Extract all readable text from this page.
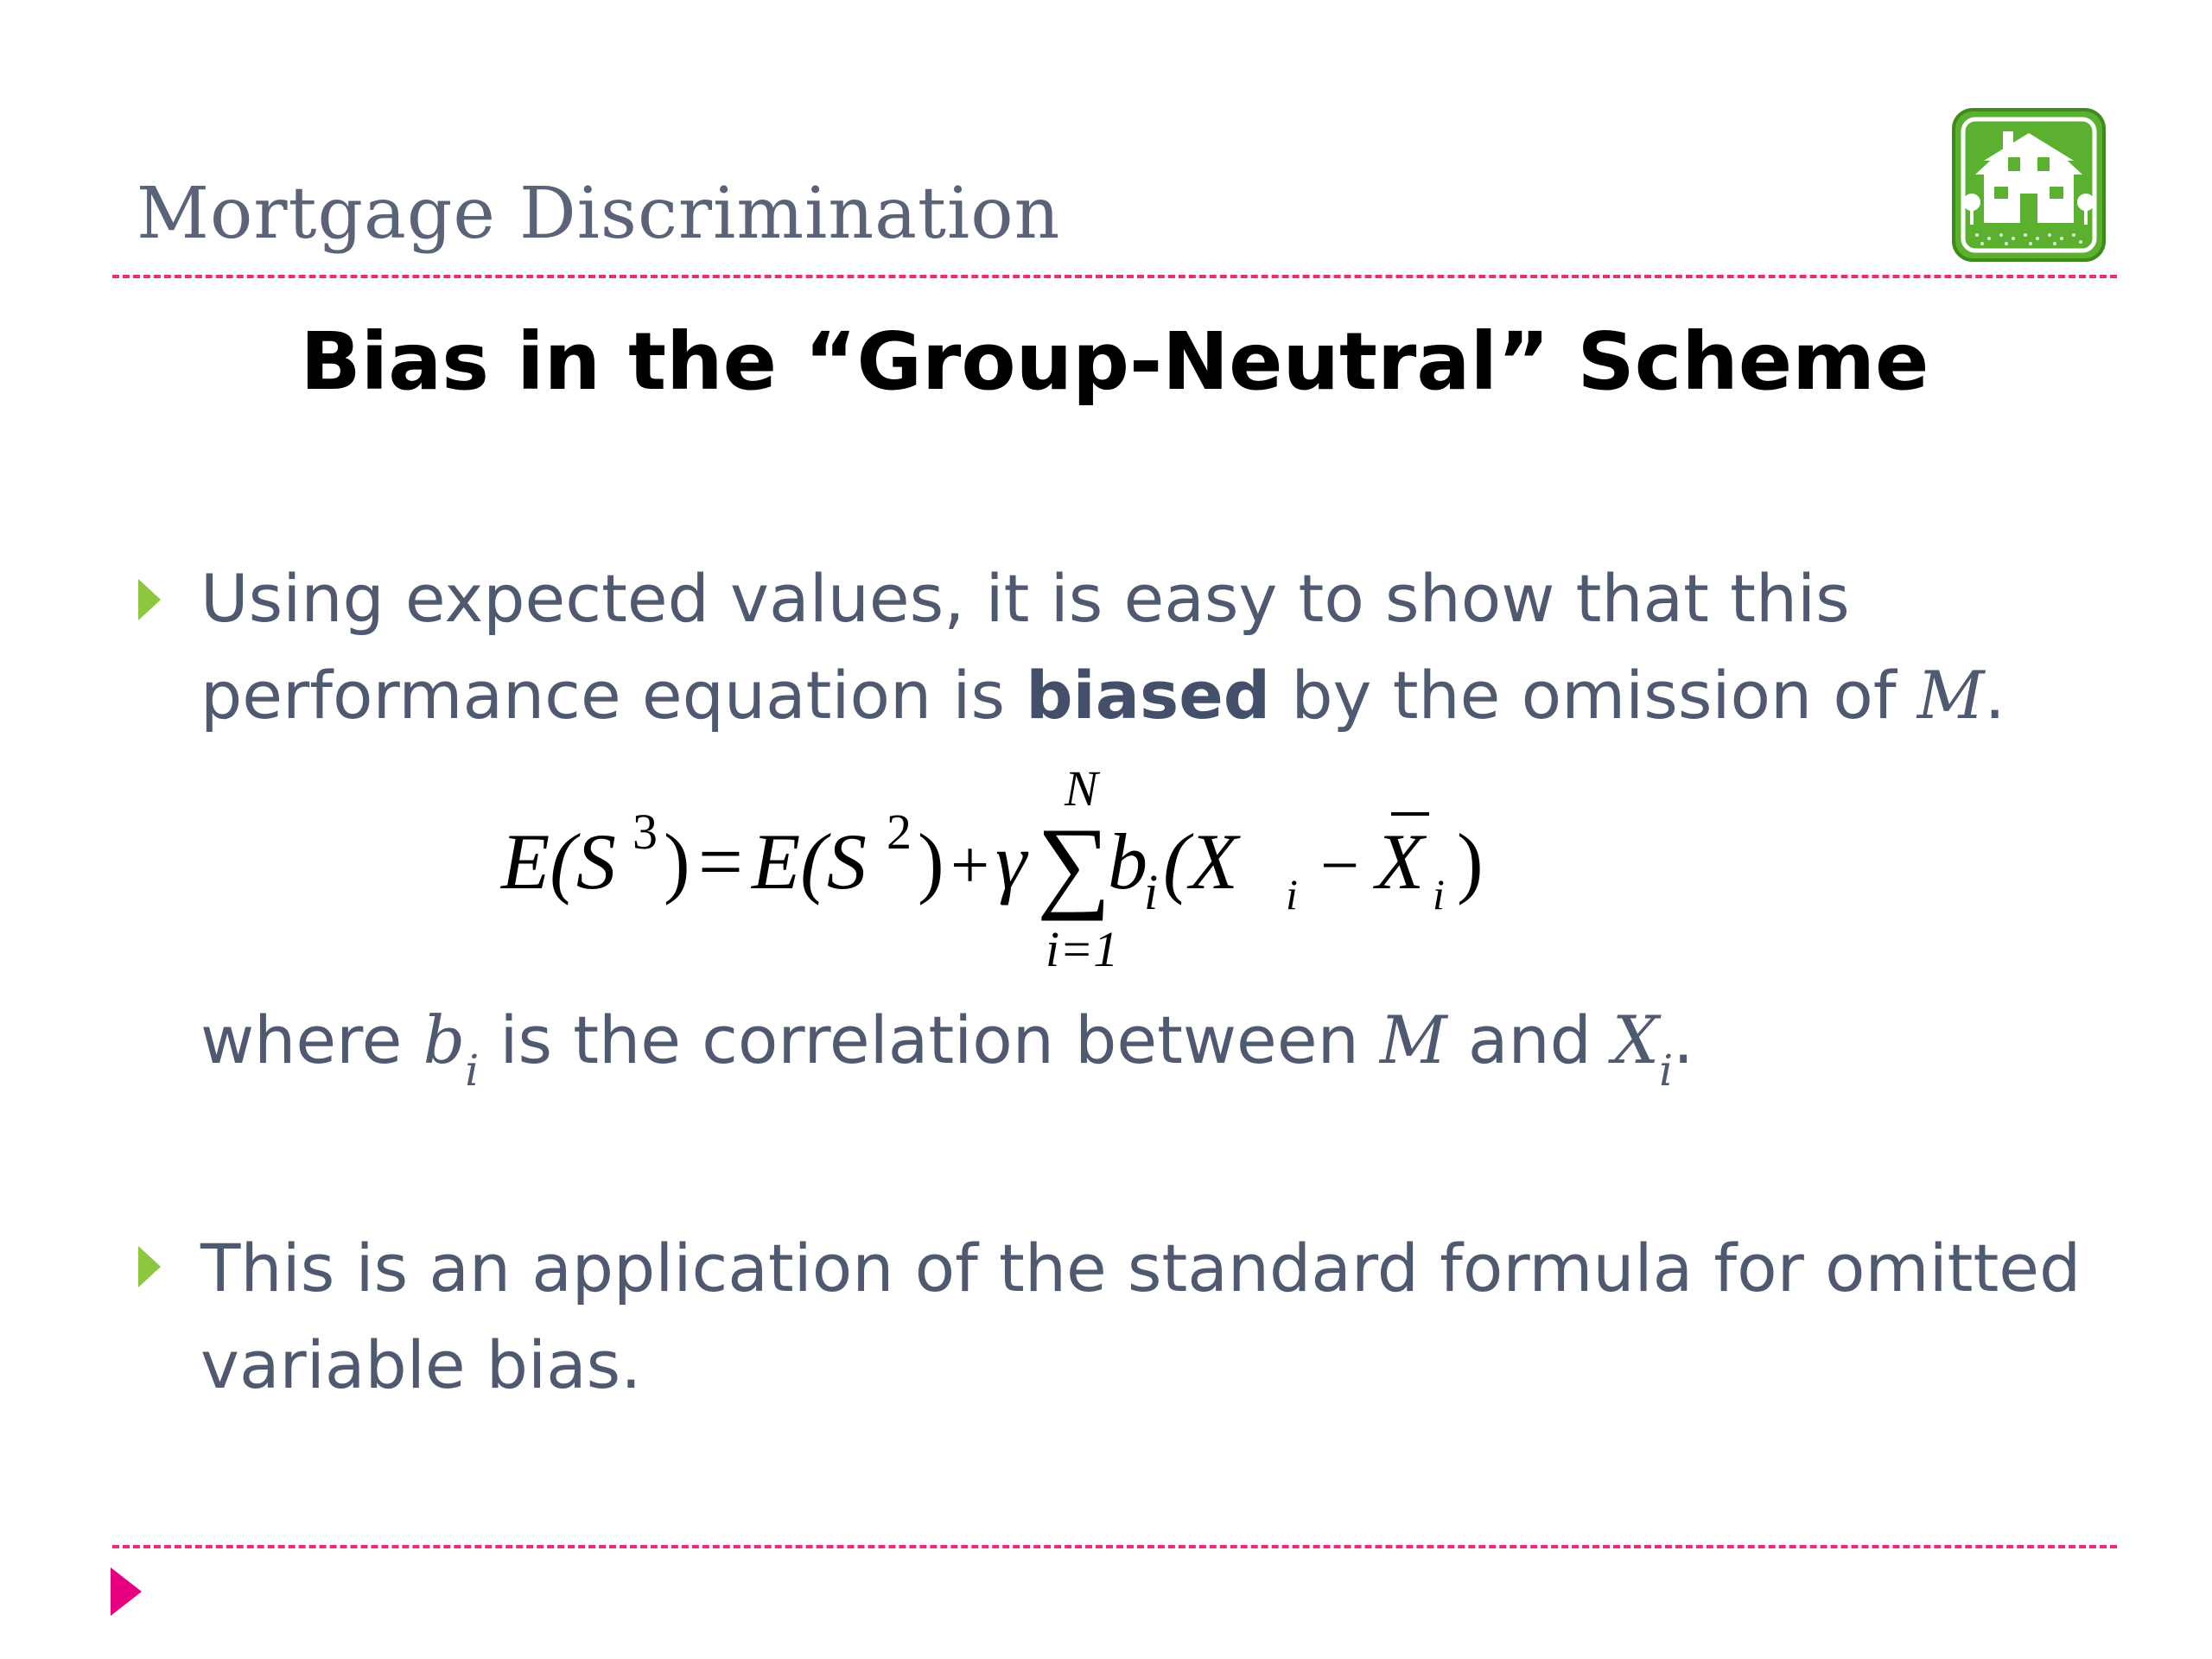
Mortgage Discrimination
Bias in the “Group-Neutral” Scheme
Using expected values, it is easy to show that this
performance equation is biased by the omission of M.
E(S 3 ) = E(S 2 ) + γ ∑
N
i=1
b
i (X i − X i )
where $b_i$ is the correlation between M and $X_i$.
This is an application of the standard formula for omitted
variable bias.
